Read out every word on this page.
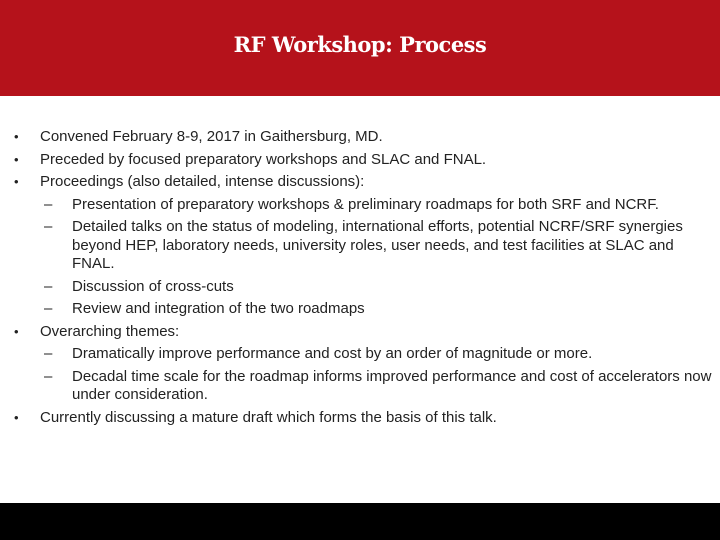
RF Workshop: Process
• Convened February 8-9, 2017 in Gaithersburg, MD.
• Preceded by focused preparatory workshops and SLAC and FNAL.
• Proceedings (also detailed, intense discussions):
– Presentation of preparatory workshops & preliminary roadmaps for both SRF and NCRF.
– Detailed talks on the status of modeling, international efforts, potential NCRF/SRF synergies beyond HEP, laboratory needs, university roles, user needs, and test facilities at SLAC and FNAL.
– Discussion of cross-cuts
– Review and integration of the two roadmaps
• Overarching themes:
– Dramatically improve performance and cost by an order of magnitude or more.
– Decadal time scale for the roadmap informs improved performance and cost of accelerators now under consideration.
• Currently discussing a mature draft which forms the basis of this talk.
